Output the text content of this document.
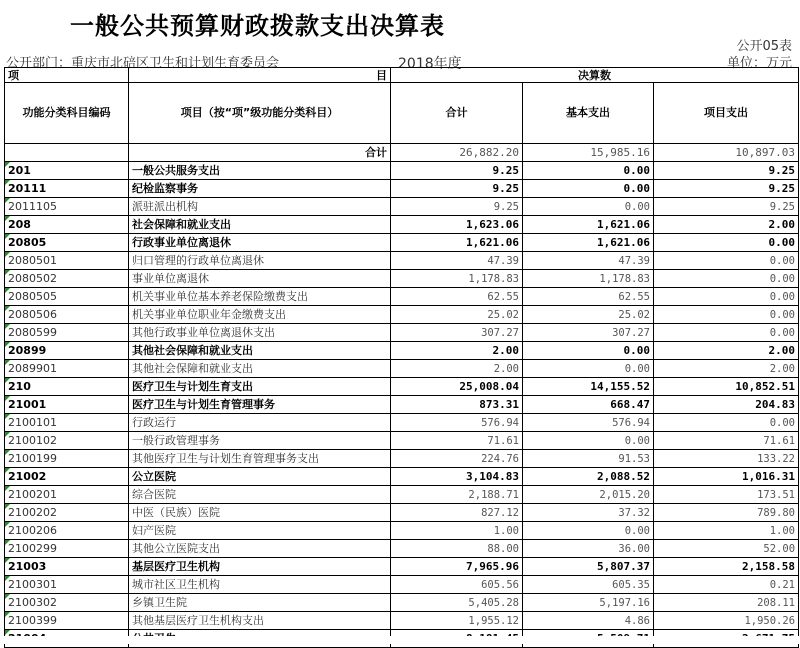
一般公共预算财政拨款支出决算表
公开05表
公开部门：重庆市北碚区卫生和计划生育委员会	2018年度	单位：万元
项	目	决算数		
功能分类科目编码	项目（按“项”级功能分类科目）	合计	基本支出	项目支出
	合计	26,882.20	15,985.16	10,897.03

201	一般公共服务支出	9.25	0.00	9.25

20111	纪检监察事务	9.25	0.00	9.25

2011105	派驻派出机构	9.25	0.00	9.25

208	社会保障和就业支出	1,623.06	1,621.06	2.00

20805	行政事业单位离退休	1,621.06	1,621.06	0.00

2080501	归口管理的行政单位离退休	47.39	47.39	0.00

2080502	事业单位离退休	1,178.83	1,178.83	0.00

2080505	机关事业单位基本养老保险缴费支出	62.55	62.55	0.00

2080506	机关事业单位职业年金缴费支出	25.02	25.02	0.00

2080599	其他行政事业单位离退休支出	307.27	307.27	0.00

20899	其他社会保障和就业支出	2.00	0.00	2.00

2089901	其他社会保障和就业支出	2.00	0.00	2.00

210	医疗卫生与计划生育支出	25,008.04	14,155.52	10,852.51

21001	医疗卫生与计划生育管理事务	873.31	668.47	204.83

2100101	行政运行	576.94	576.94	0.00

2100102	一般行政管理事务	71.61	0.00	71.61

2100199	其他医疗卫生与计划生育管理事务支出	224.76	91.53	133.22

21002	公立医院	3,104.83	2,088.52	1,016.31

2100201	综合医院	2,188.71	2,015.20	173.51

2100202	中医（民族）医院	827.12	37.32	789.80

2100206	妇产医院	1.00	0.00	1.00

2100299	其他公立医院支出	88.00	36.00	52.00

21003	基层医疗卫生机构	7,965.96	5,807.37	2,158.58

2100301	城市社区卫生机构	605.56	605.35	0.21

2100302	乡镇卫生院	5,405.28	5,197.16	208.11

2100399	其他基层医疗卫生机构支出	1,955.12	4.86	1,950.26
